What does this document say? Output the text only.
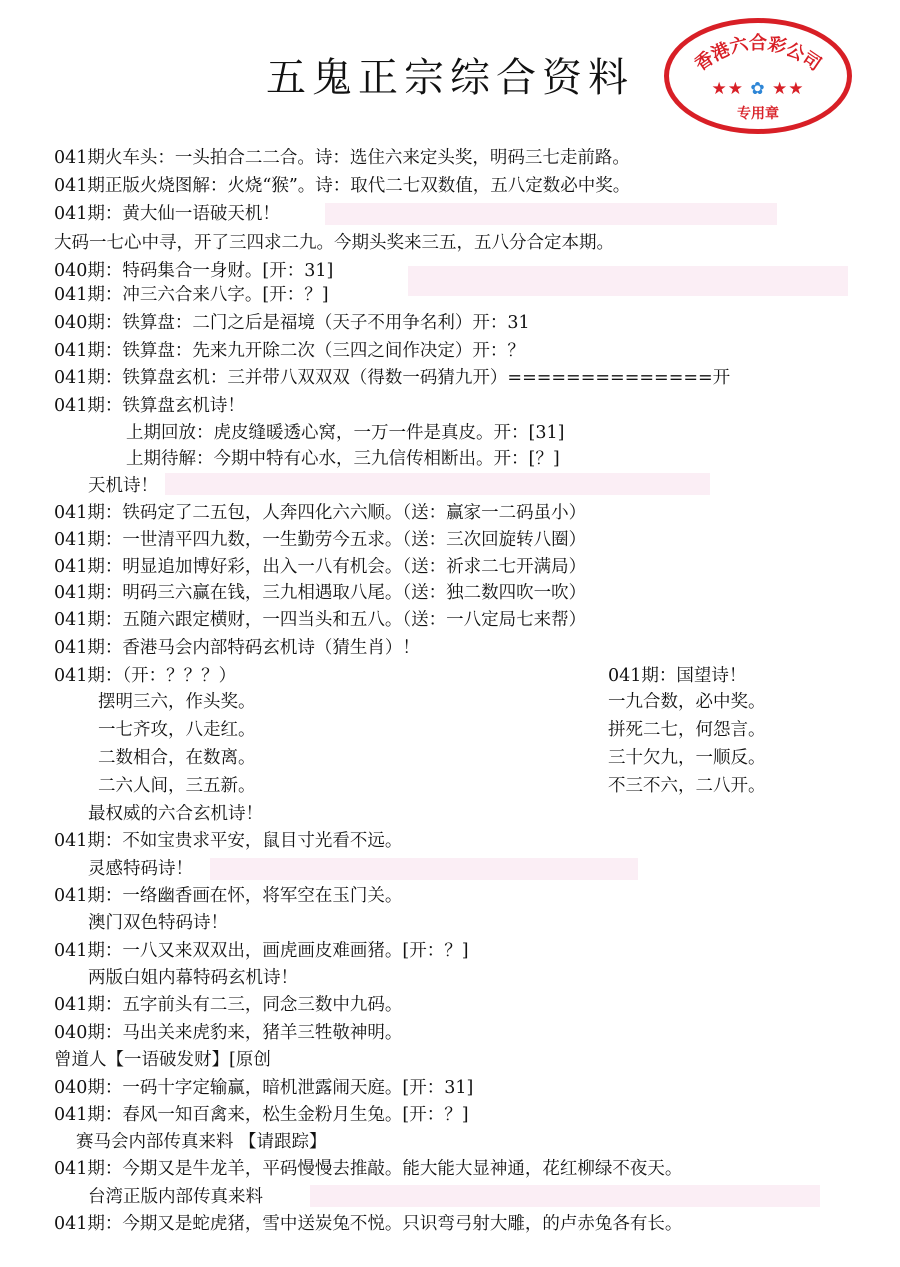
五鬼正宗综合资料	香港六合彩公司
★★ ✿ ★★
专用章
041期火车头：一头拍合二二合。诗：选住六来定头奖，明码三七走前路。
041期正版火烧图解：火烧“猴”。诗：取代二七双数值，五八定数必中奖。
041期：黄大仙一语破天机！
大码一七心中寻，开了三四求二九。今期头奖来三五，五八分合定本期。
040期：特码集合一身财。[开：31]
041期：冲三六合来八字。[开：？]
040期：铁算盘：二门之后是福境（天子不用争名利）开：31
041期：铁算盘：先来九开除二次（三四之间作决定）开：？
041期：铁算盘玄机：三并带八双双双（得数一码猜九开）==============开
041期：铁算盘玄机诗！
上期回放：虎皮缝暖透心窝，一万一件是真皮。开：[31]
上期待解：今期中特有心水，三九信传相断出。开：[？]
天机诗！
041期：铁码定了二五包，人奔四化六六顺。（送：赢家一二码虽小）
041期：一世清平四九数，一生勤劳今五求。（送：三次回旋转八圈）
041期：明显追加博好彩，出入一八有机会。（送：祈求二七开满局）
041期：明码三六赢在钱，三九相遇取八尾。（送：独二数四吹一吹）
041期：五随六跟定横财，一四当头和五八。（送：一八定局七来帮）
041期：香港马会内部特码玄机诗（猜生肖）！
041期：（开：？？？）
摆明三六，作头奖。
一七齐攻，八走红。
二数相合，在数离。
二六人间，三五新。
最权威的六合玄机诗！
041期：不如宝贵求平安，鼠目寸光看不远。
灵感特码诗！
041期：一络幽香画在怀，将军空在玉门关。
澳门双色特码诗！
041期：一八又来双双出，画虎画皮难画猪。[开：？]
两版白姐内幕特码玄机诗！
041期：五字前头有二三，同念三数中九码。
040期：马出关来虎豹来，猪羊三牲敬神明。
曾道人【一语破发财】[原创
040期：一码十字定输赢，暗机泄露闹天庭。[开：31]
041期：春风一知百禽来，松生金粉月生兔。[开：？]
赛马会内部传真来料 【请跟踪】
041期：今期又是牛龙羊，平码慢慢去推敲。能大能大显神通，花红柳绿不夜天。
台湾正版内部传真来料
041期：今期又是蛇虎猪，雪中送炭兔不悦。只识弯弓射大雕，的卢赤兔各有长。
041期：国望诗！
一九合数，必中奖。
拼死二七，何怨言。
三十欠九，一顺反。
不三不六，二八开。
